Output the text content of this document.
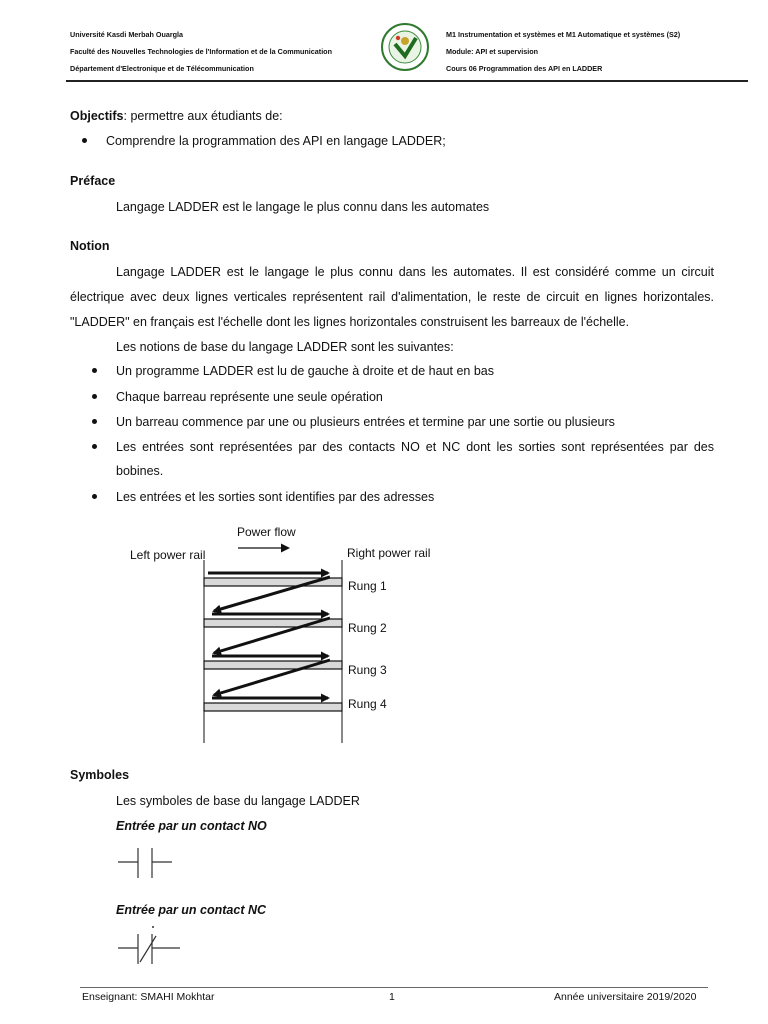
Université Kasdi Merbah Ouargla
Faculté des Nouvelles Technologies de l'Information et de la Communication
Département d'Electronique et de Télécommunication
M1 Instrumentation et systèmes et M1 Automatique et systèmes (S2)
Module: API et supervision
Cours 06 Programmation des API en LADDER
Objectifs: permettre aux étudiants de:
Comprendre la programmation des API en langage LADDER;
Préface
Langage LADDER est le langage le plus connu dans les automates
Notion
Langage LADDER est le langage le plus connu dans les automates. Il est considéré comme un circuit
électrique avec deux lignes verticales représentent rail d'alimentation, le reste de circuit en lignes horizontales.
"LADDER" en français est l'échelle dont les lignes horizontales construisent les barreaux de l'échelle.
Les notions de base du langage LADDER sont les suivantes:
Un programme LADDER est lu de gauche à droite et de haut en bas
Chaque barreau représente une seule opération
Un barreau commence par une ou plusieurs entrées et termine par une sortie ou plusieurs
Les entrées sont représentées par des contacts NO et NC dont les sorties sont représentées par des
bobines.
Les entrées et les sorties sont identifies par des adresses
Power flow
Left power rail	Right power rail
Rung 1
Rung 2
Rung 3
Rung 4
Symboles
Les symboles de base du langage LADDER
Entrée par un contact NO
Entrée par un contact NC
Enseignant: SMAHI Mokhtar	1	Année universitaire 2019/2020
